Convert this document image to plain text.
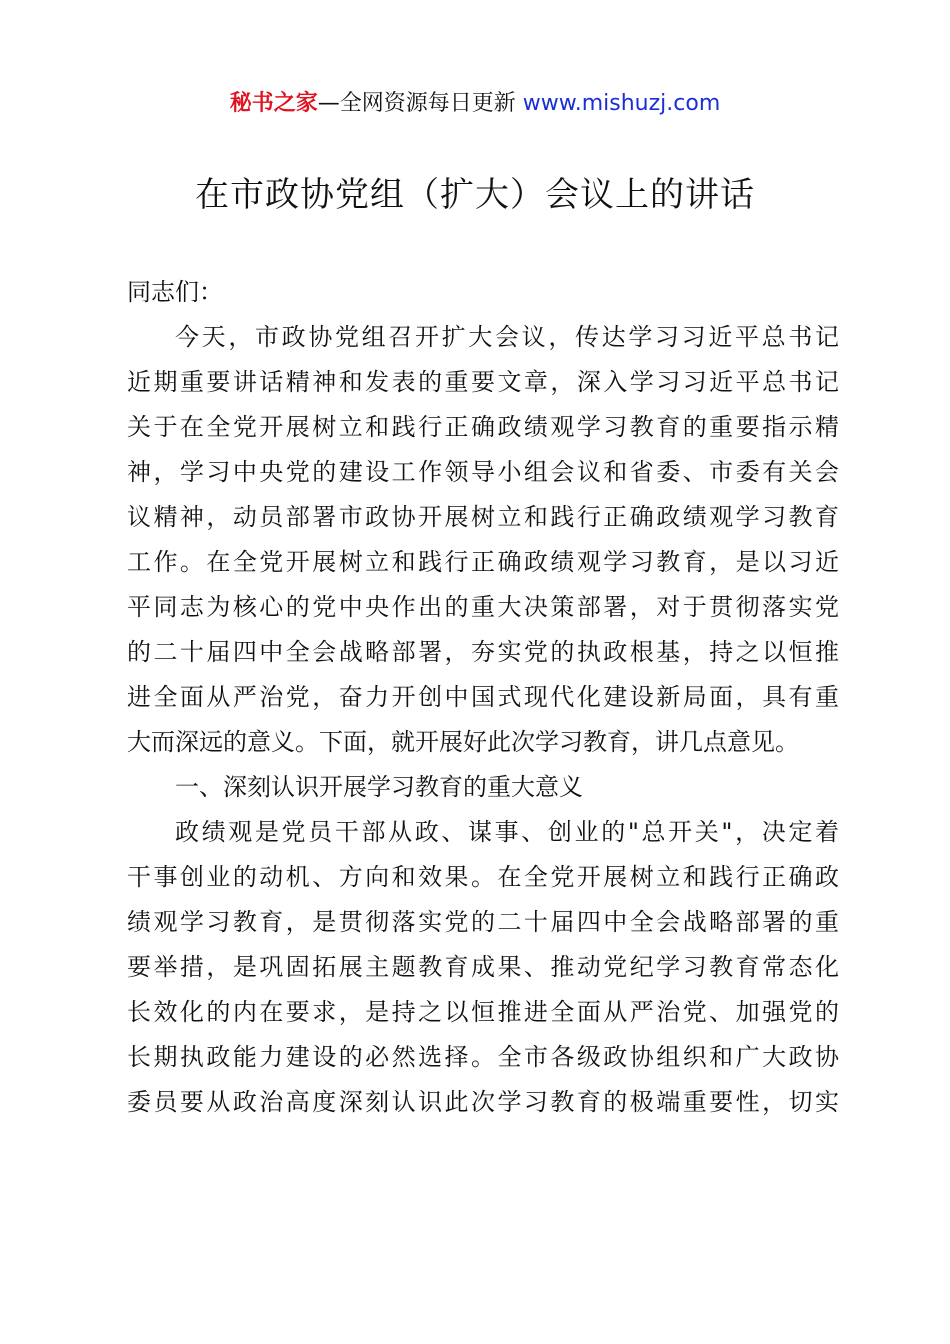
秘书之家—全网资源每日更新 www.mishuzj.com
在市政协党组（扩大）会议上的讲话
同志们：
今天，市政协党组召开扩大会议，传达学习习近平总书记
近期重要讲话精神和发表的重要文章，深入学习习近平总书记
关于在全党开展树立和践行正确政绩观学习教育的重要指示精
神，学习中央党的建设工作领导小组会议和省委、市委有关会
议精神，动员部署市政协开展树立和践行正确政绩观学习教育
工作。在全党开展树立和践行正确政绩观学习教育，是以习近
平同志为核心的党中央作出的重大决策部署，对于贯彻落实党
的二十届四中全会战略部署，夯实党的执政根基，持之以恒推
进全面从严治党，奋力开创中国式现代化建设新局面，具有重
大而深远的意义。下面，就开展好此次学习教育，讲几点意见。
一、深刻认识开展学习教育的重大意义
政绩观是党员干部从政、谋事、创业的"总开关"，决定着
干事创业的动机、方向和效果。在全党开展树立和践行正确政
绩观学习教育，是贯彻落实党的二十届四中全会战略部署的重
要举措，是巩固拓展主题教育成果、推动党纪学习教育常态化
长效化的内在要求，是持之以恒推进全面从严治党、加强党的
长期执政能力建设的必然选择。全市各级政协组织和广大政协
委员要从政治高度深刻认识此次学习教育的极端重要性，切实
